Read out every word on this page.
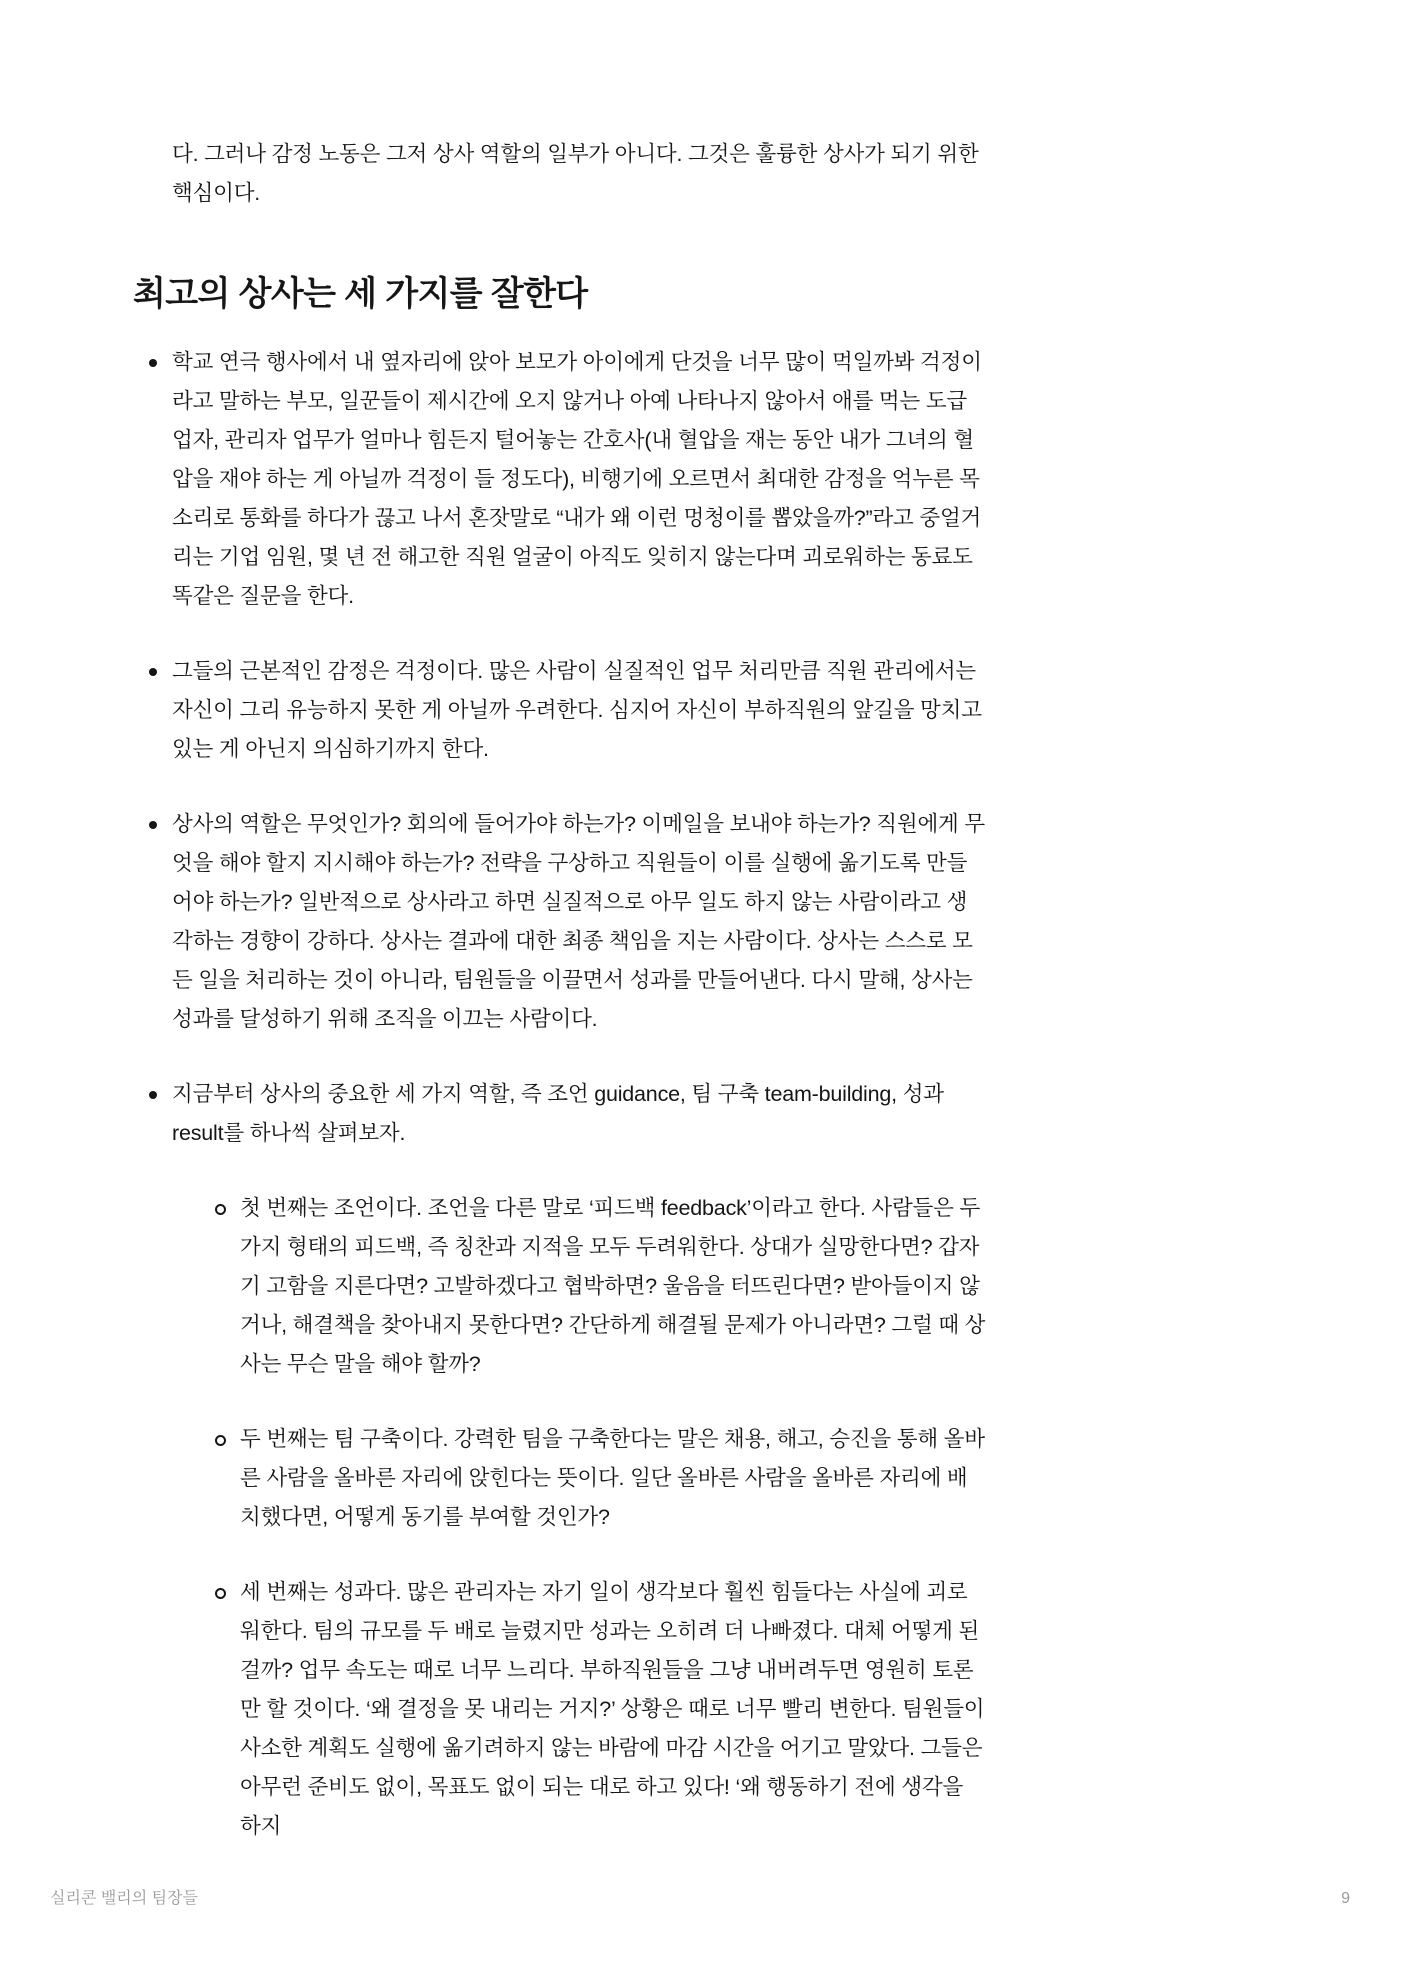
다. 그러나 감정 노동은 그저 상사 역할의 일부가 아니다. 그것은 훌륭한 상사가 되기 위한 핵심이다.

최고의 상사는 세 가지를 잘한다
학교 연극 행사에서 내 옆자리에 앉아 보모가 아이에게 단것을 너무 많이 먹일까봐 걱정이라고 말하는 부모, 일꾼들이 제시간에 오지 않거나 아예 나타나지 않아서 애를 먹는 도급업자, 관리자 업무가 얼마나 힘든지 털어놓는 간호사(내 혈압을 재는 동안 내가 그녀의 혈압을 재야 하는 게 아닐까 걱정이 들 정도다), 비행기에 오르면서 최대한 감정을 억누른 목소리로 통화를 하다가 끊고 나서 혼잣말로 “내가 왜 이런 멍청이를 뽑았을까?”라고 중얼거리는 기업 임원, 몇 년 전 해고한 직원 얼굴이 아직도 잊히지 않는다며 괴로워하는 동료도 똑같은 질문을 한다.
그들의 근본적인 감정은 걱정이다. 많은 사람이 실질적인 업무 처리만큼 직원 관리에서는 자신이 그리 유능하지 못한 게 아닐까 우려한다. 심지어 자신이 부하직원의 앞길을 망치고 있는 게 아닌지 의심하기까지 한다.
상사의 역할은 무엇인가? 회의에 들어가야 하는가? 이메일을 보내야 하는가? 직원에게 무엇을 해야 할지 지시해야 하는가? 전략을 구상하고 직원들이 이를 실행에 옮기도록 만들어야 하는가? 일반적으로 상사라고 하면 실질적으로 아무 일도 하지 않는 사람이라고 생각하는 경향이 강하다. 상사는 결과에 대한 최종 책임을 지는 사람이다. 상사는 스스로 모든 일을 처리하는 것이 아니라, 팀원들을 이끌면서 성과를 만들어낸다. 다시 말해, 상사는 성과를 달성하기 위해 조직을 이끄는 사람이다.
지금부터 상사의 중요한 세 가지 역할, 즉 조언 guidance, 팀 구축 team-building, 성과 result를 하나씩 살펴보자.
첫 번째는 조언이다. 조언을 다른 말로 ‘피드백 feedback’이라고 한다. 사람들은 두 가지 형태의 피드백, 즉 칭찬과 지적을 모두 두려워한다. 상대가 실망한다면? 갑자기 고함을 지른다면? 고발하겠다고 협박하면? 울음을 터뜨린다면? 받아들이지 않거나, 해결책을 찾아내지 못한다면? 간단하게 해결될 문제가 아니라면? 그럴 때 상사는 무슨 말을 해야 할까?
두 번째는 팀 구축이다. 강력한 팀을 구축한다는 말은 채용, 해고, 승진을 통해 올바른 사람을 올바른 자리에 앉힌다는 뜻이다. 일단 올바른 사람을 올바른 자리에 배치했다면, 어떻게 동기를 부여할 것인가?
세 번째는 성과다. 많은 관리자는 자기 일이 생각보다 훨씬 힘들다는 사실에 괴로워한다. 팀의 규모를 두 배로 늘렸지만 성과는 오히려 더 나빠졌다. 대체 어떻게 된 걸까? 업무 속도는 때로 너무 느리다. 부하직원들을 그냥 내버려두면 영원히 토론만 할 것이다. ‘왜 결정을 못 내리는 거지?’ 상황은 때로 너무 빨리 변한다. 팀원들이 사소한 계획도 실행에 옮기려하지 않는 바람에 마감 시간을 어기고 말았다. 그들은 아무런 준비도 없이, 목표도 없이 되는 대로 하고 있다! ‘왜 행동하기 전에 생각을 하지
실리콘 밸리의 팀장들	9
